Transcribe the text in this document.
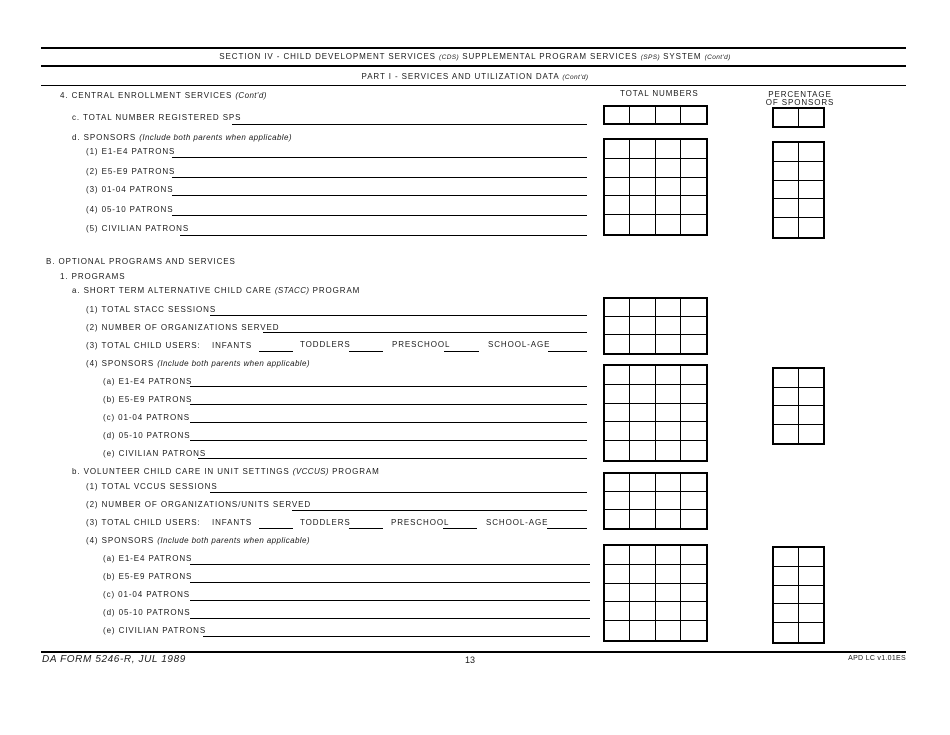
SECTION IV - CHILD DEVELOPMENT SERVICES (CDS) SUPPLEMENTAL PROGRAM SERVICES (SPS) SYSTEM (Cont'd)
PART I - SERVICES AND UTILIZATION DATA (Cont'd)
TOTAL NUMBERS	PERCENTAGE
OF SPONSORS
4. CENTRAL ENROLLMENT SERVICES (Cont'd)
c. TOTAL NUMBER REGISTERED SPS
d. SPONSORS (Include both parents when applicable)
(1) E1-E4 PATRONS
(2) E5-E9 PATRONS
(3) 01-04 PATRONS
(4) 05-10 PATRONS
(5) CIVILIAN PATRONS
B. OPTIONAL PROGRAMS AND SERVICES
1. PROGRAMS
a. SHORT TERM ALTERNATIVE CHILD CARE (STACC) PROGRAM
(1) TOTAL STACC SESSIONS
(2) NUMBER OF ORGANIZATIONS SERVED
(3) TOTAL CHILD USERS: INFANTS	TODDLERS	PRESCHOOL	SCHOOL-AGE
(4) SPONSORS (Include both parents when applicable)
(a) E1-E4 PATRONS
(b) E5-E9 PATRONS
(c) 01-04 PATRONS
(d) 05-10 PATRONS
(e) CIVILIAN PATRONS
b. VOLUNTEER CHILD CARE IN UNIT SETTINGS (VCCUS) PROGRAM
(1) TOTAL VCCUS SESSIONS
(2) NUMBER OF ORGANIZATIONS/UNITS SERVED
(3) TOTAL CHILD USERS: INFANTS	TODDLERS	PRESCHOOL	SCHOOL-AGE
(4) SPONSORS (Include both parents when applicable)
(a) E1-E4 PATRONS
(b) E5-E9 PATRONS
(c) 01-04 PATRONS
(d) 05-10 PATRONS
(e) CIVILIAN PATRONS
DA FORM 5246-R, JUL 1989	13	APD LC v1.01ES
